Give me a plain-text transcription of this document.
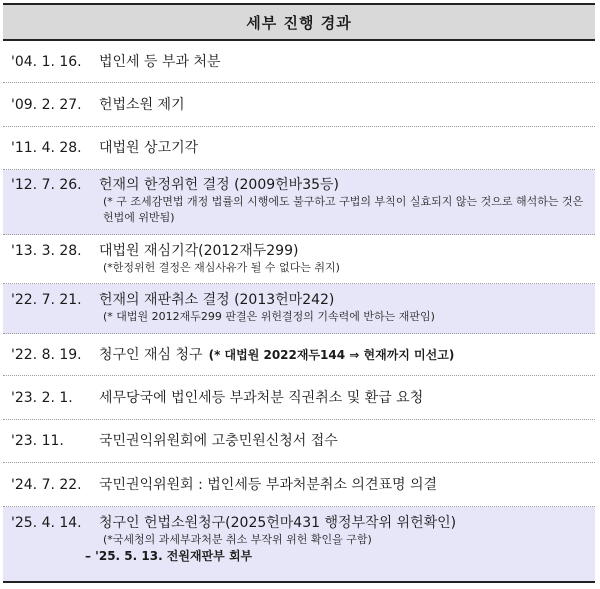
세부 진행 경과
'04. 1. 16.	법인세 등 부과 처분
'09. 2. 27.	헌법소원 제기
'11. 4. 28.	대법원 상고기각
'12. 7. 26.	헌재의 한정위헌 결정 (2009헌바35등)
(* 구 조세감면법 개정 법률의 시행에도 불구하고 구법의 부칙이 실효되지 않는 것으로 해석하는 것은 헌법에 위반됨)
'13. 3. 28.	대법원 재심기각(2012재두299)
(*한정위헌 결정은 재심사유가 될 수 없다는 취지)
'22. 7. 21.	헌재의 재판취소 결정 (2013헌마242)
(* 대법원 2012재두299 판결은 위헌결정의 기속력에 반하는 재판임)
'22. 8. 19.	청구인 재심 청구 (* 대법원 2022재두144 ⇒ 현재까지 미선고)
'23. 2. 1.	세무당국에 법인세등 부과처분 직권취소 및 환급 요청
'23. 11.	국민권익위원회에 고충민원신청서 접수
'24. 7. 22.	국민권익위원회 : 법인세등 부과처분취소 의견표명 의결
'25. 4. 14.	청구인 헌법소원청구(2025헌마431 행정부작위 위헌확인)
(*국세청의 과세부과처분 취소 부작위 위헌 확인을 구함)
– '25. 5. 13. 전원재판부 회부
